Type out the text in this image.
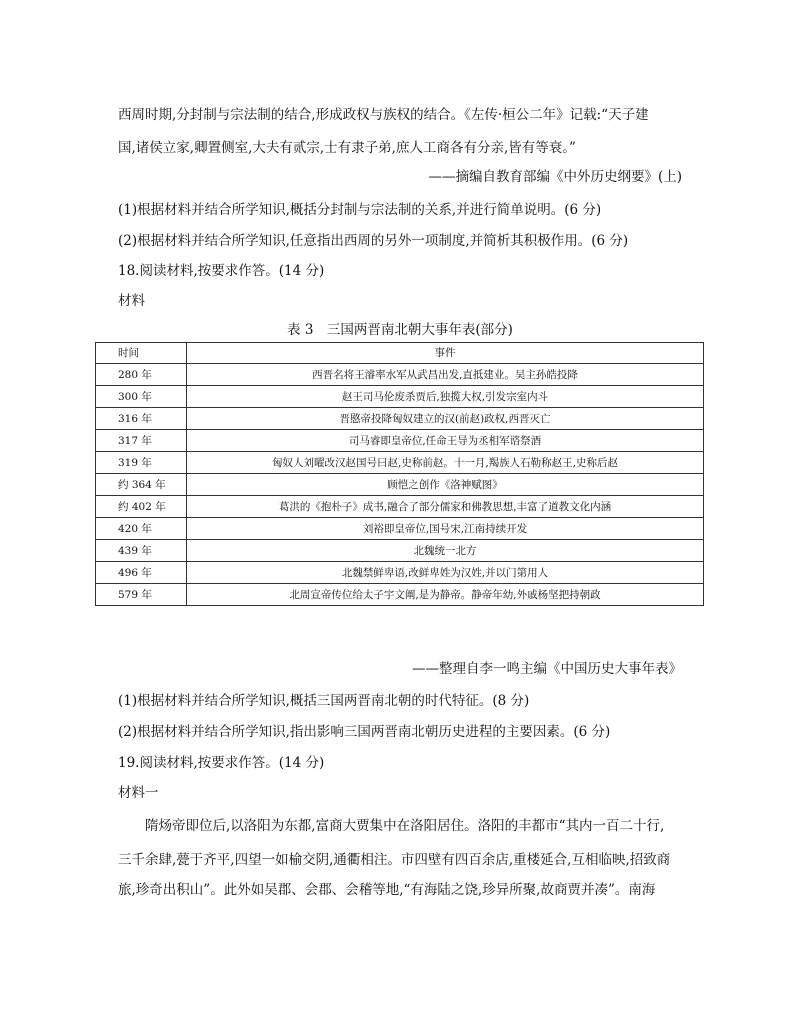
西周时期,分封制与宗法制的结合,形成政权与族权的结合。《左传·桓公二年》记载:“天子建
国,诸侯立家,卿置侧室,大夫有贰宗,士有隶子弟,庶人工商各有分亲,皆有等衰。”
——摘编自教育部编《中外历史纲要》(上)
(1)根据材料并结合所学知识,概括分封制与宗法制的关系,并进行简单说明。(6 分)
(2)根据材料并结合所学知识,任意指出西周的另外一项制度,并简析其积极作用。(6 分)
18.阅读材料,按要求作答。(14 分)
材料
表 3　三国两晋南北朝大事年表(部分)
时间	事件
280 年	西晋名将王濬率水军从武昌出发,直抵建业。吴主孙皓投降
300 年	赵王司马伦废杀贾后,独揽大权,引发宗室内斗
316 年	晋愍帝投降匈奴建立的汉(前赵)政权,西晋灭亡
317 年	司马睿即皇帝位,任命王导为丞相军谘祭酒
319 年	匈奴人刘曜改汉赵国号曰赵,史称前赵。十一月,羯族人石勒称赵王,史称后赵
约 364 年	顾恺之创作《洛神赋图》
约 402 年	葛洪的《抱朴子》成书,融合了部分儒家和佛教思想,丰富了道教文化内涵
420 年	刘裕即皇帝位,国号宋,江南持续开发
439 年	北魏统一北方
496 年	北魏禁鲜卑语,改鲜卑姓为汉姓,并以门第用人
579 年	北周宣帝传位给太子宇文阐,是为静帝。静帝年幼,外戚杨坚把持朝政
——整理自李一鸣主编《中国历史大事年表》
(1)根据材料并结合所学知识,概括三国两晋南北朝的时代特征。(8 分)
(2)根据材料并结合所学知识,指出影响三国两晋南北朝历史进程的主要因素。(6 分)
19.阅读材料,按要求作答。(14 分)
材料一
隋炀帝即位后,以洛阳为东都,富商大贾集中在洛阳居住。洛阳的丰都市“其内一百二十行,
三千余肆,甍于齐平,四望一如榆交阴,通衢相注。市四壁有四百余店,重楼延合,互相临映,招致商
旅,珍奇出积山”。此外如吴郡、会郡、会稽等地,“有海陆之饶,珍异所聚,故商贾并凑”。南海
